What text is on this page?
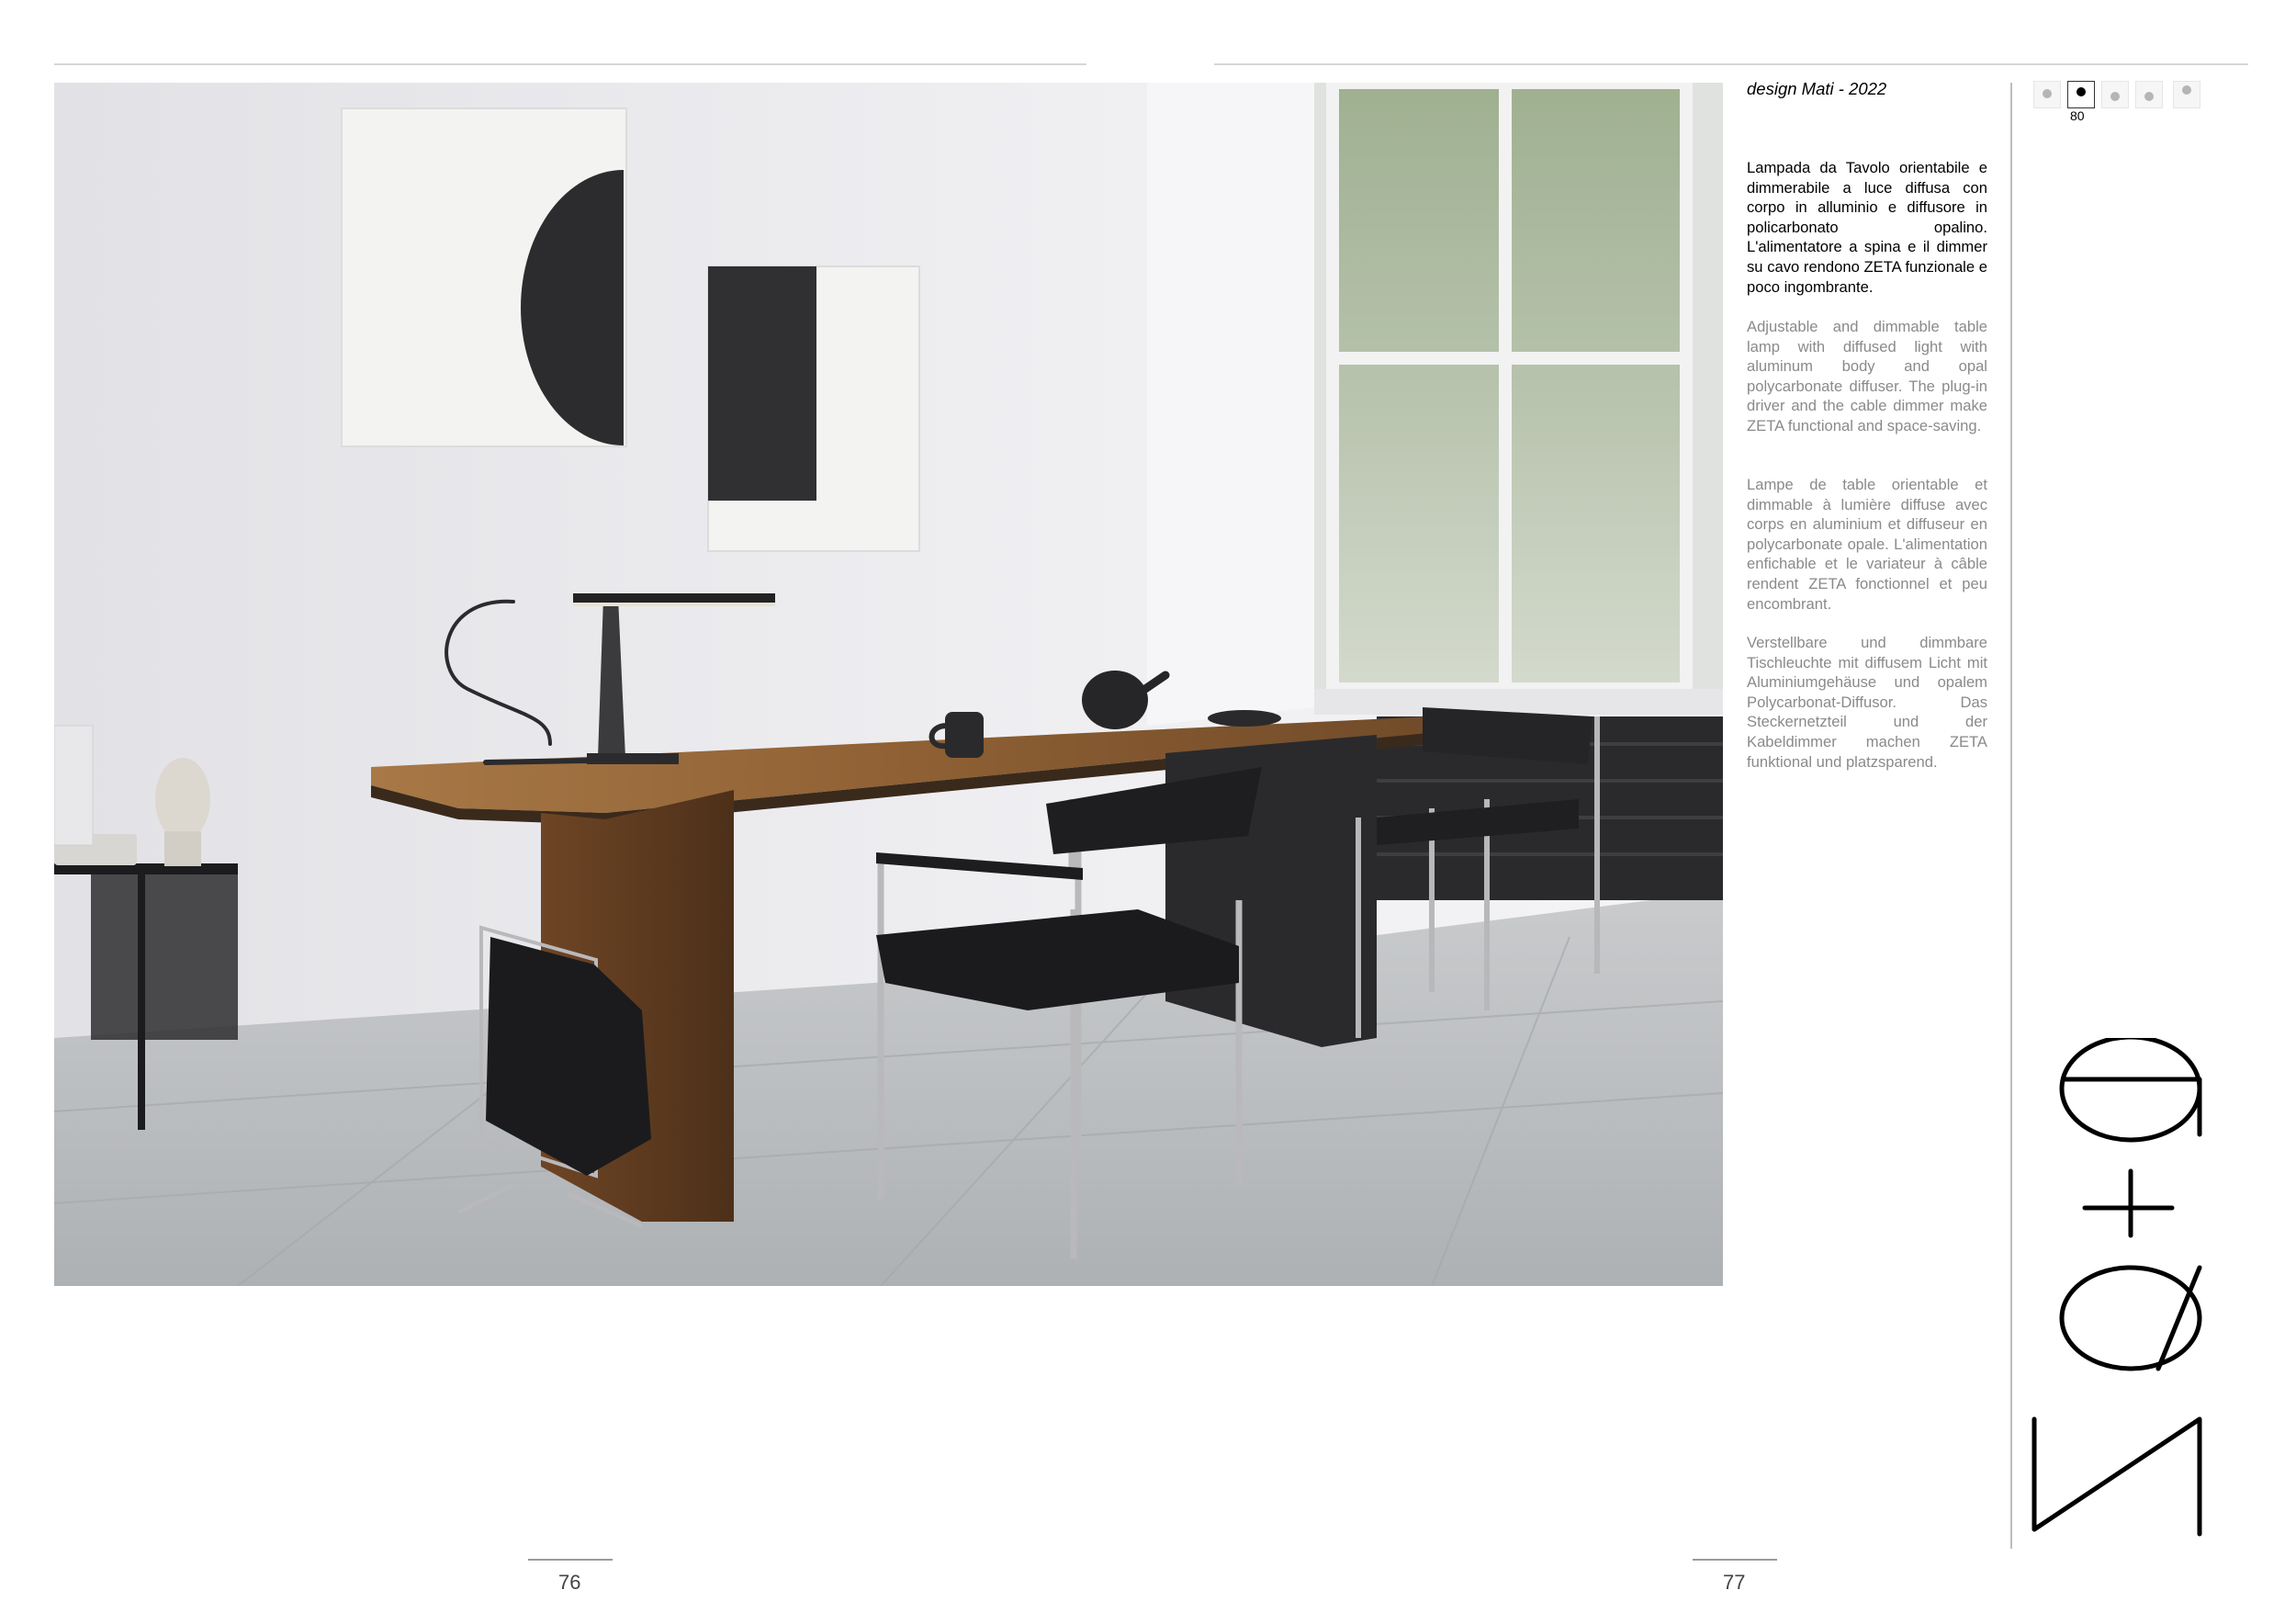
design Mati - 2022

Lampada da Tavolo orientabile e dimmerabile a luce diffusa con corpo in alluminio e diffusore in policarbonato opalino. L'alimentatore a spina e il dimmer su cavo rendono ZETA funzionale e poco ingombrante.

Adjustable and dimmable table lamp with diffused light with aluminum body and opal polycarbonate diffuser. The plug-in driver and the cable dimmer make ZETA functional and space-saving.

Lampe de table orientable et dimmable à lumière diffuse avec corps en aluminium et diffuseur en polycarbonate opale. L'alimentation enfichable et le variateur à câble rendent ZETA fonctionnel et peu encombrant.

Verstellbare und dimmbare Tischleuchte mit diffusem Licht mit Aluminiumgehäuse und opalem Polycarbonat-Diffusor. Das Steckernetzteil und der Kabeldimmer machen ZETA funktional und platzsparend.

80
76	77
